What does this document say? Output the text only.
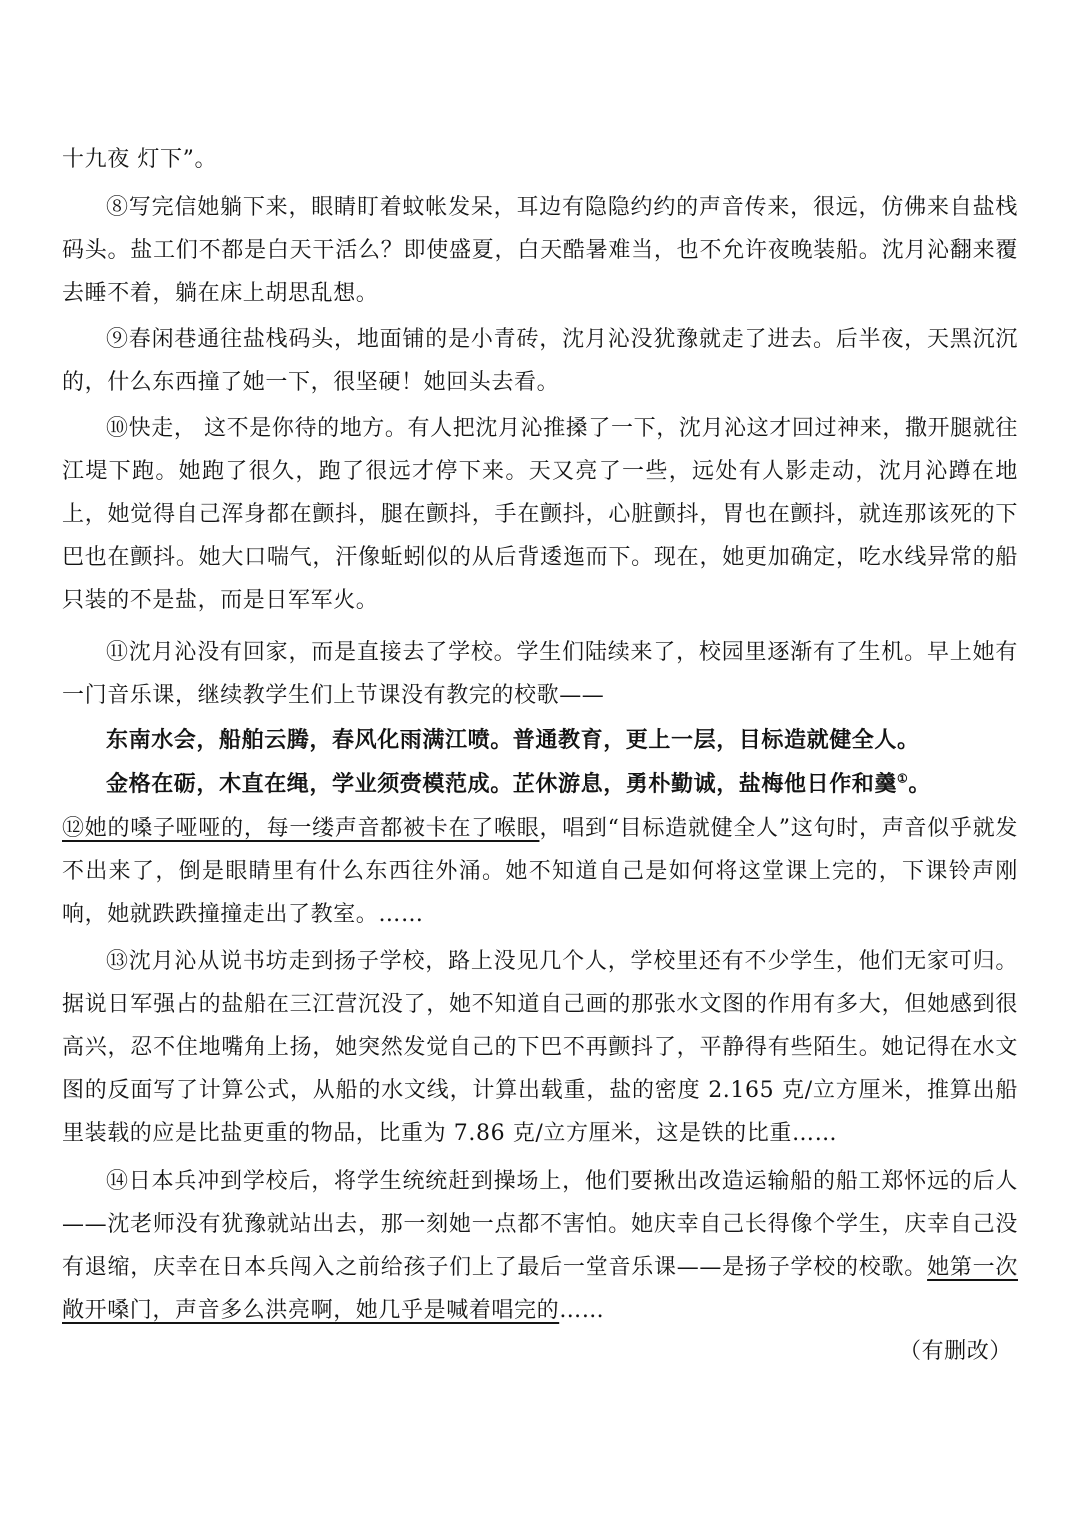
十九夜 灯下”。

⑧写完信她躺下来，眼睛盯着蚊帐发呆，耳边有隐隐约约的声音传来，很远，仿佛来自盐栈码头。盐工们不都是白天干活么？即使盛夏，白天酷暑难当，也不允许夜晚装船。沈月沁翻来覆去睡不着，躺在床上胡思乱想。

⑨春闲巷通往盐栈码头，地面铺的是小青砖，沈月沁没犹豫就走了进去。后半夜，天黑沉沉的，什么东西撞了她一下，很坚硬！她回头去看。

⑩快走， 这不是你待的地方。有人把沈月沁推搡了一下，沈月沁这才回过神来，撒开腿就往江堤下跑。她跑了很久，跑了很远才停下来。天又亮了一些，远处有人影走动，沈月沁蹲在地上，她觉得自己浑身都在颤抖，腿在颤抖，手在颤抖，心脏颤抖，胃也在颤抖，就连那该死的下巴也在颤抖。她大口喘气，汗像蚯蚓似的从后背逶迤而下。现在，她更加确定，吃水线异常的船只装的不是盐，而是日军军火。

⑪沈月沁没有回家，而是直接去了学校。学生们陆续来了，校园里逐渐有了生机。早上她有一门音乐课，继续教学生们上节课没有教完的校歌——

东南水会，船舶云腾，春风化雨满江喷。普通教育，更上一层，目标造就健全人。

金格在砺，木直在绳，学业须赍模范成。芷休游息，勇朴勤诚，盐梅他日作和羹①。

⑫她的嗓子哑哑的，每一缕声音都被卡在了喉眼，唱到“目标造就健全人”这句时，声音似乎就发不出来了，倒是眼睛里有什么东西往外涌。她不知道自己是如何将这堂课上完的，下课铃声刚响，她就跌跌撞撞走出了教室。……

⑬沈月沁从说书坊走到扬子学校，路上没见几个人，学校里还有不少学生，他们无家可归。据说日军强占的盐船在三江营沉没了，她不知道自己画的那张水文图的作用有多大，但她感到很高兴，忍不住地嘴角上扬，她突然发觉自己的下巴不再颤抖了，平静得有些陌生。她记得在水文图的反面写了计算公式，从船的水文线，计算出载重，盐的密度 2.165 克/立方厘米，推算出船里装载的应是比盐更重的物品，比重为 7.86 克/立方厘米，这是铁的比重……

⑭日本兵冲到学校后，将学生统统赶到操场上，他们要揪出改造运输船的船工郑怀远的后人——沈老师没有犹豫就站出去，那一刻她一点都不害怕。她庆幸自己长得像个学生，庆幸自己没有退缩，庆幸在日本兵闯入之前给孩子们上了最后一堂音乐课——是扬子学校的校歌。她第一次敞开嗓门，声音多么洪亮啊，她几乎是喊着唱完的……

（有删改）
